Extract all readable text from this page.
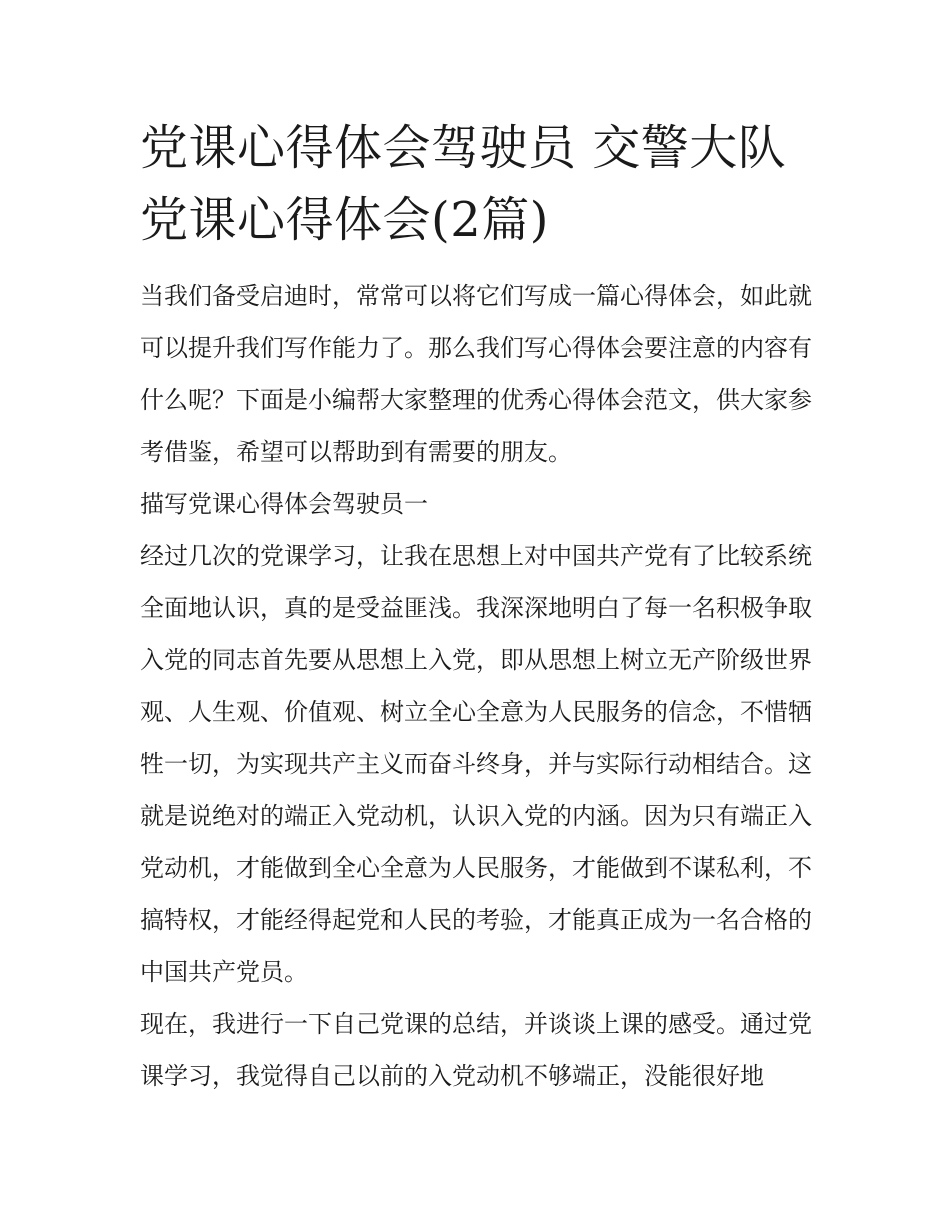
党课心得体会驾驶员 交警大队党课心得体会(2篇)

当我们备受启迪时，常常可以将它们写成一篇心得体会，如此就可以提升我们写作能力了。那么我们写心得体会要注意的内容有什么呢？下面是小编帮大家整理的优秀心得体会范文，供大家参考借鉴，希望可以帮助到有需要的朋友。

描写党课心得体会驾驶员一

经过几次的党课学习，让我在思想上对中国共产党有了比较系统全面地认识，真的是受益匪浅。我深深地明白了每一名积极争取入党的同志首先要从思想上入党，即从思想上树立无产阶级世界观、人生观、价值观、树立全心全意为人民服务的信念，不惜牺牲一切，为实现共产主义而奋斗终身，并与实际行动相结合。这就是说绝对的端正入党动机，认识入党的内涵。因为只有端正入党动机，才能做到全心全意为人民服务，才能做到不谋私利，不搞特权，才能经得起党和人民的考验，才能真正成为一名合格的中国共产党员。

现在，我进行一下自己党课的总结，并谈谈上课的感受。通过党课学习，我觉得自己以前的入党动机不够端正，没能很好地
